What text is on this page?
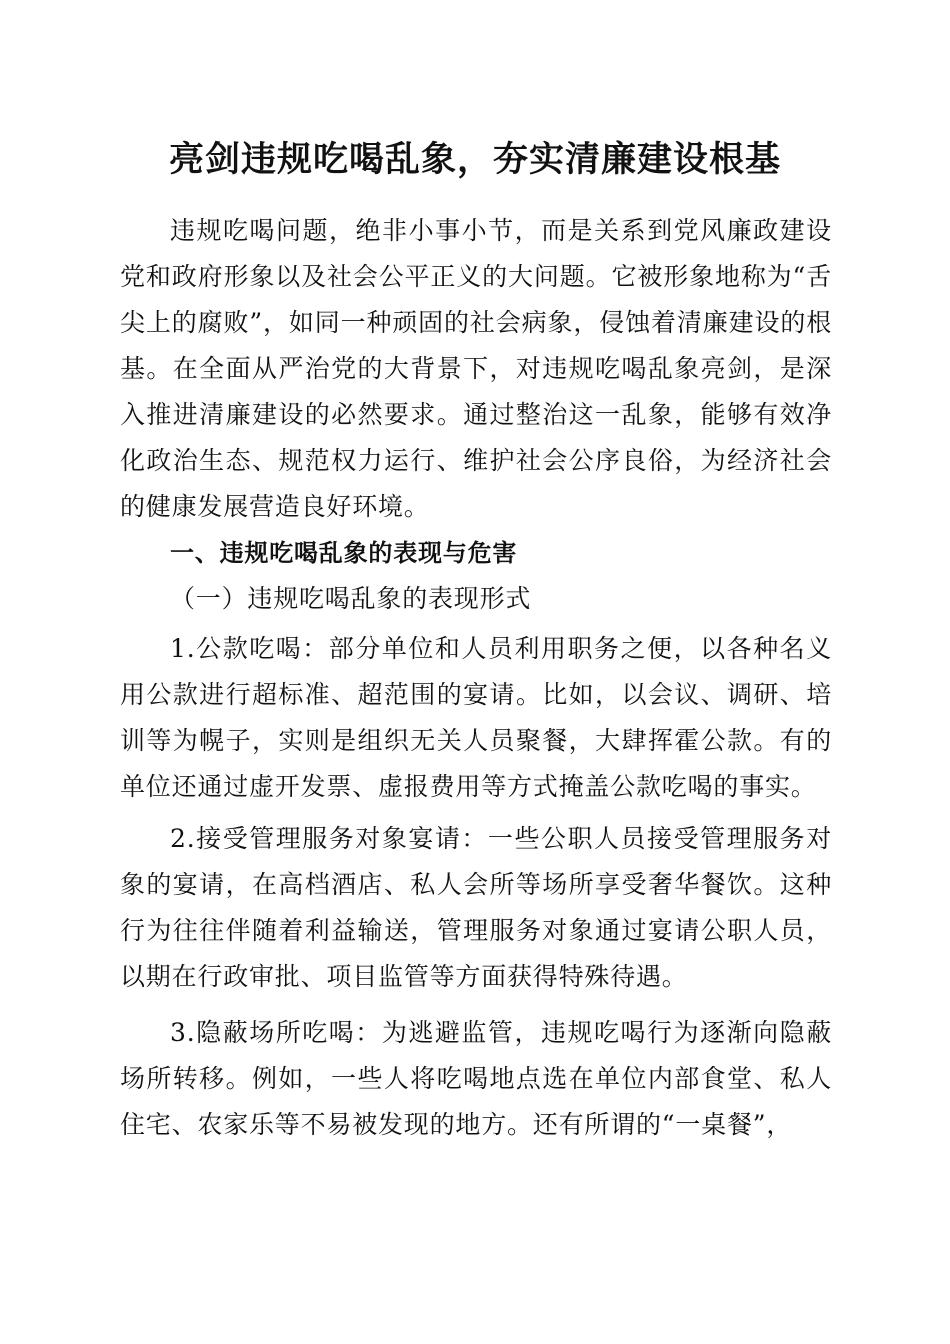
亮剑违规吃喝乱象，夯实清廉建设根基

违规吃喝问题，绝非小事小节，而是关系到党风廉政建设党和政府形象以及社会公平正义的大问题。它被形象地称为“舌尖上的腐败”，如同一种顽固的社会病象，侵蚀着清廉建设的根基。在全面从严治党的大背景下，对违规吃喝乱象亮剑，是深入推进清廉建设的必然要求。通过整治这一乱象，能够有效净化政治生态、规范权力运行、维护社会公序良俗，为经济社会的健康发展营造良好环境。

一、违规吃喝乱象的表现与危害

（一）违规吃喝乱象的表现形式

1.公款吃喝：部分单位和人员利用职务之便，以各种名义用公款进行超标准、超范围的宴请。比如，以会议、调研、培训等为幌子，实则是组织无关人员聚餐，大肆挥霍公款。有的单位还通过虚开发票、虚报费用等方式掩盖公款吃喝的事实。

2.接受管理服务对象宴请：一些公职人员接受管理服务对象的宴请，在高档酒店、私人会所等场所享受奢华餐饮。这种行为往往伴随着利益输送，管理服务对象通过宴请公职人员，以期在行政审批、项目监管等方面获得特殊待遇。

3.隐蔽场所吃喝：为逃避监管，违规吃喝行为逐渐向隐蔽场所转移。例如，一些人将吃喝地点选在单位内部食堂、私人住宅、农家乐等不易被发现的地方。还有所谓的“一桌餐”，
